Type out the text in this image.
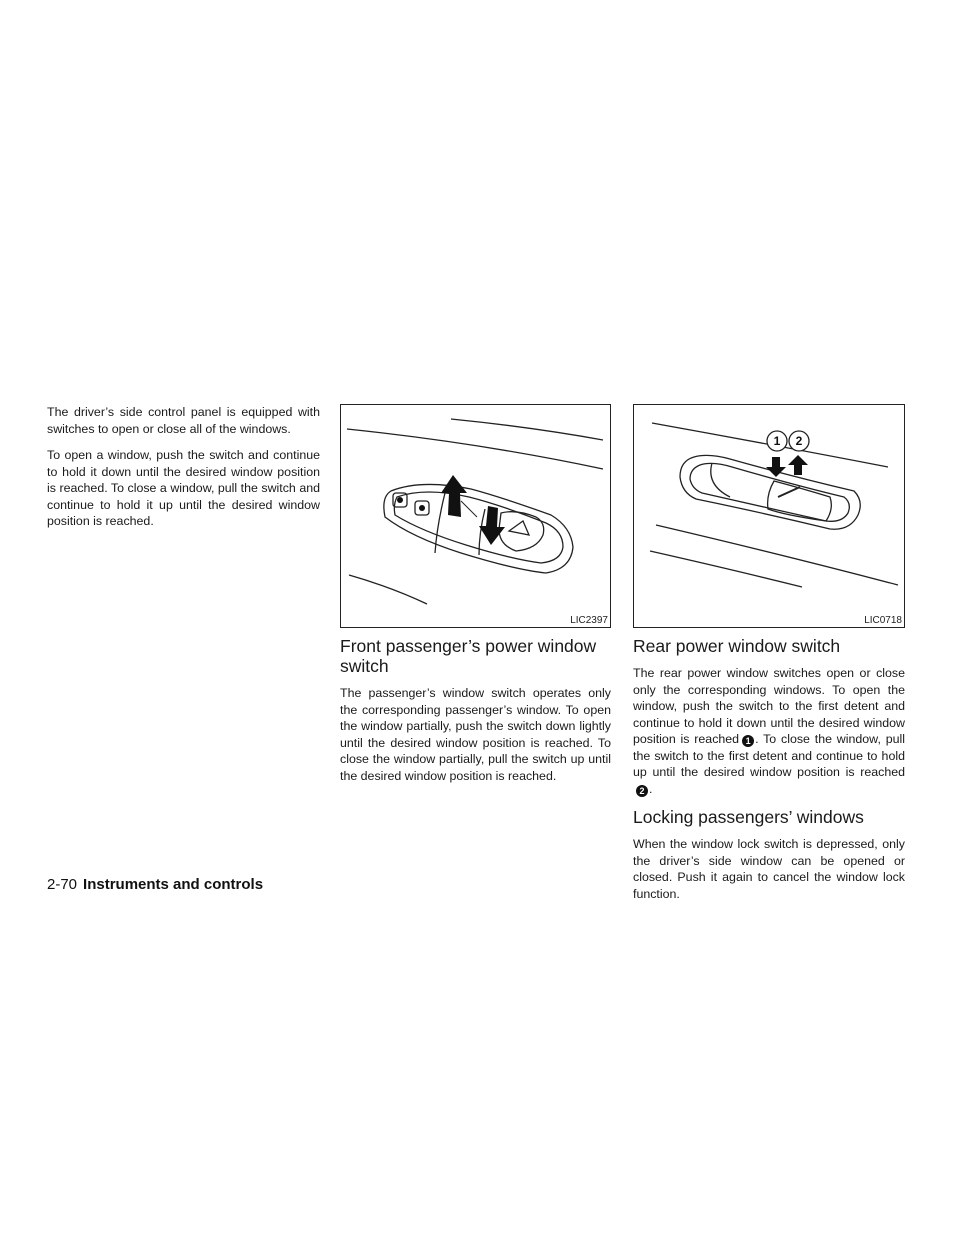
The driver’s side control panel is equipped with switches to open or close all of the windows.

To open a window, push the switch and continue to hold it down until the desired window position is reached. To close a window, pull the switch and continue to hold it up until the desired window position is reached.

LIC2397
Front passenger’s power window switch

The passenger’s window switch operates only the corresponding passenger’s window. To open the window partially, push the switch down lightly until the desired window position is reached. To close the window partially, pull the switch up until the desired window position is reached.

1 2
LIC0718
Rear power window switch

The rear power window switches open or close only the corresponding windows. To open the window, push the switch to the first detent and continue to hold it down until the desired window position is reached 1 . To close the window, pull the switch to the first detent and continue to hold up until the desired window position is reached2 .

Locking passengers’ windows

When the window lock switch is depressed, only the driver’s side window can be opened or closed. Push it again to cancel the window lock function.

2-70 Instruments and controls
